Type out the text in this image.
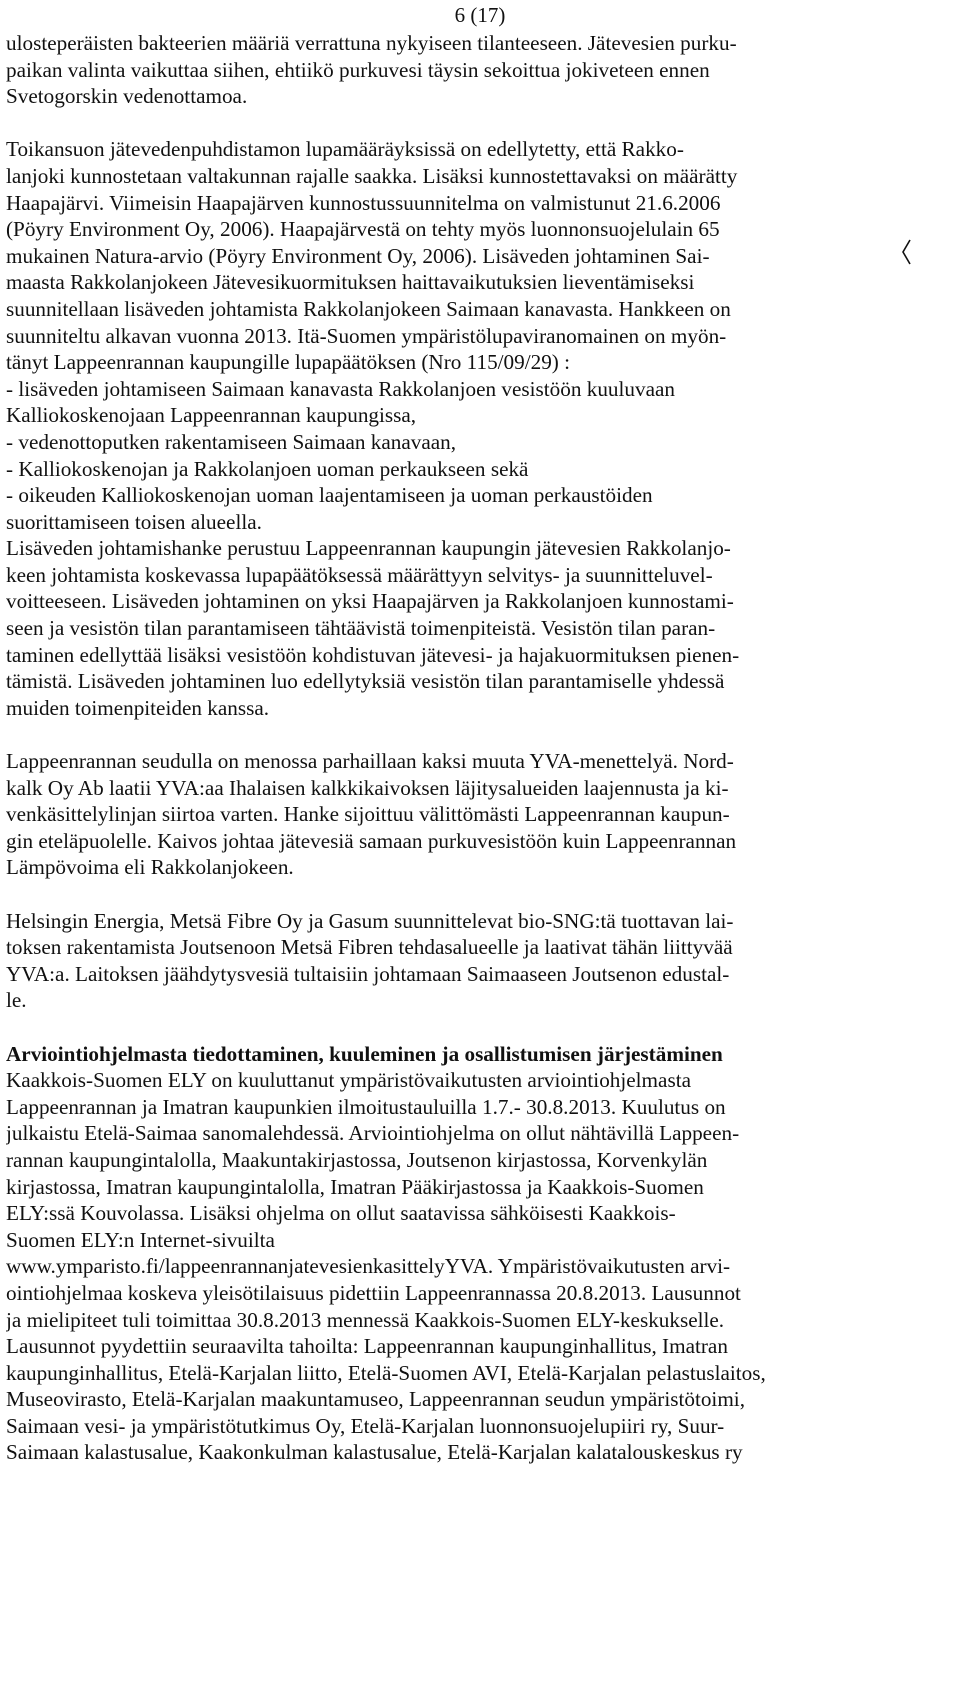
6 (17)
ulosteperäisten bakteerien määriä verrattuna nykyiseen tilanteeseen. Jätevesien purku-
paikan valinta vaikuttaa siihen, ehtiikö purkuvesi täysin sekoittua jokiveteen ennen
Svetogorskin vedenottamoa.
Toikansuon jätevedenpuhdistamon lupamääräyksissä on edellytetty, että Rakko-
lanjoki kunnostetaan valtakunnan rajalle saakka. Lisäksi kunnostettavaksi on määrätty
Haapajärvi. Viimeisin Haapajärven kunnostussuunnitelma on valmistunut 21.6.2006
(Pöyry Environment Oy, 2006). Haapajärvestä on tehty myös luonnonsuojelulain 65
mukainen Natura-arvio (Pöyry Environment Oy, 2006). Lisäveden johtaminen Sai-
maasta Rakkolanjokeen Jätevesikuormituksen haittavaikutuksien lieventämiseksi
suunnitellaan lisäveden johtamista Rakkolanjokeen Saimaan kanavasta. Hankkeen on
suunniteltu alkavan vuonna 2013. Itä-Suomen ympäristölupaviranomainen on myön-
tänyt Lappeenrannan kaupungille lupapäätöksen (Nro 115/09/29) :
- lisäveden johtamiseen Saimaan kanavasta Rakkolanjoen vesistöön kuuluvaan
Kalliokoskenojaan Lappeenrannan kaupungissa,
- vedenottoputken rakentamiseen Saimaan kanavaan,
- Kalliokoskenojan ja Rakkolanjoen uoman perkaukseen sekä
- oikeuden Kalliokoskenojan uoman laajentamiseen ja uoman perkaustöiden
suorittamiseen toisen alueella.
Lisäveden johtamishanke perustuu Lappeenrannan kaupungin jätevesien Rakkolanjo-
keen johtamista koskevassa lupapäätöksessä määrättyyn selvitys- ja suunnitteluvel-
voitteeseen. Lisäveden johtaminen on yksi Haapajärven ja Rakkolanjoen kunnostami-
seen ja vesistön tilan parantamiseen tähtäävistä toimenpiteistä. Vesistön tilan paran-
taminen edellyttää lisäksi vesistöön kohdistuvan jätevesi- ja hajakuormituksen pienen-
tämistä. Lisäveden johtaminen luo edellytyksiä vesistön tilan parantamiselle yhdessä
muiden toimenpiteiden kanssa.
Lappeenrannan seudulla on menossa parhaillaan kaksi muuta YVA-menettelyä. Nord-
kalk Oy Ab laatii YVA:aa Ihalaisen kalkkikaivoksen läjitysalueiden laajennusta ja ki-
venkäsittelylinjan siirtoa varten. Hanke sijoittuu välittömästi Lappeenrannan kaupun-
gin eteläpuolelle. Kaivos johtaa jätevesiä samaan purkuvesistöön kuin Lappeenrannan
Lämpövoima eli Rakkolanjokeen.
Helsingin Energia, Metsä Fibre Oy ja Gasum suunnittelevat bio-SNG:tä tuottavan lai-
toksen rakentamista Joutsenoon Metsä Fibren tehdasalueelle ja laativat tähän liittyvää
YVA:a. Laitoksen jäähdytysvesiä tultaisiin johtamaan Saimaaseen Joutsenon edustal-
le.
Arviointiohjelmasta tiedottaminen, kuuleminen ja osallistumisen järjestäminen
Kaakkois-Suomen ELY on kuuluttanut ympäristövaikutusten arviointiohjelmasta
Lappeenrannan ja Imatran kaupunkien ilmoitustauluilla 1.7.- 30.8.2013. Kuulutus on
julkaistu Etelä-Saimaa sanomalehdessä. Arviointiohjelma on ollut nähtävillä Lappeen-
rannan kaupungintalolla, Maakuntakirjastossa, Joutsenon kirjastossa, Korvenkylän
kirjastossa, Imatran kaupungintalolla, Imatran Pääkirjastossa ja Kaakkois-Suomen
ELY:ssä Kouvolassa. Lisäksi ohjelma on ollut saatavissa sähköisesti Kaakkois-
Suomen ELY:n Internet-sivuilta
www.ymparisto.fi/lappeenrannanjatevesienkasittelyYVA. Ympäristövaikutusten arvi-
ointiohjelmaa koskeva yleisötilaisuus pidettiin Lappeenrannassa 20.8.2013. Lausunnot
ja mielipiteet tuli toimittaa 30.8.2013 mennessä Kaakkois-Suomen ELY-keskukselle.
Lausunnot pyydettiin seuraavilta tahoilta: Lappeenrannan kaupunginhallitus, Imatran
kaupunginhallitus, Etelä-Karjalan liitto, Etelä-Suomen AVI, Etelä-Karjalan pelastuslaitos,
Museovirasto, Etelä-Karjalan maakuntamuseo, Lappeenrannan seudun ympäristötoimi,
Saimaan vesi- ja ympäristötutkimus Oy, Etelä-Karjalan luonnonsuojelupiiri ry, Suur-
Saimaan kalastusalue, Kaakonkulman kalastusalue, Etelä-Karjalan kalatalouskeskus ry
